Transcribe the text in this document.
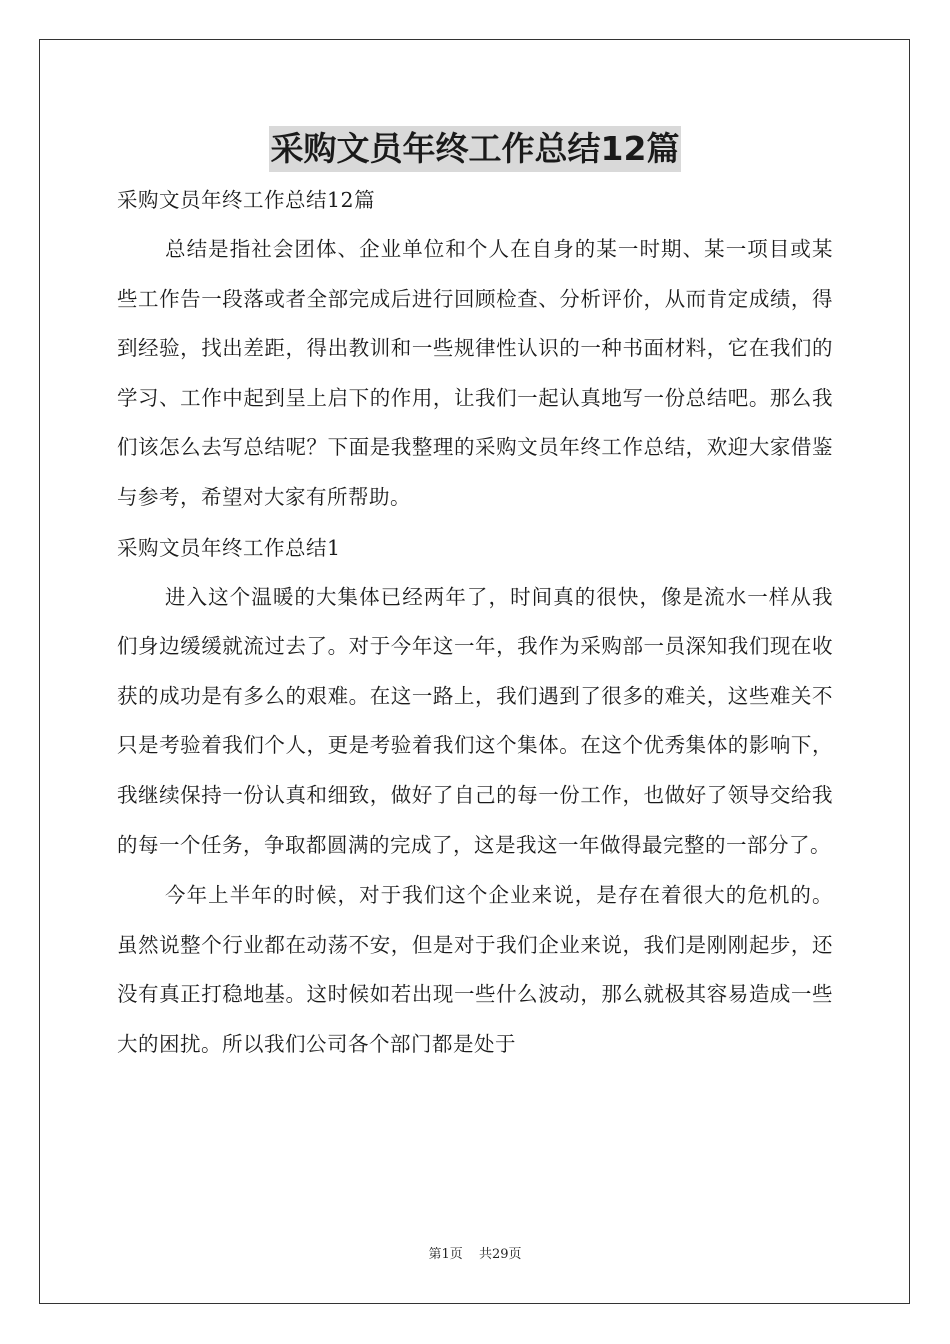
采购文员年终工作总结12篇

采购文员年终工作总结12篇

总结是指社会团体、企业单位和个人在自身的某一时期、某一项目或某些工作告一段落或者全部完成后进行回顾检查、分析评价，从而肯定成绩，得到经验，找出差距，得出教训和一些规律性认识的一种书面材料，它在我们的学习、工作中起到呈上启下的作用，让我们一起认真地写一份总结吧。那么我们该怎么去写总结呢？下面是我整理的采购文员年终工作总结，欢迎大家借鉴与参考，希望对大家有所帮助。

采购文员年终工作总结1

进入这个温暖的大集体已经两年了，时间真的很快，像是流水一样从我们身边缓缓就流过去了。对于今年这一年，我作为采购部一员深知我们现在收获的成功是有多么的艰难。在这一路上，我们遇到了很多的难关，这些难关不只是考验着我们个人，更是考验着我们这个集体。在这个优秀集体的影响下，我继续保持一份认真和细致，做好了自己的每一份工作，也做好了领导交给我的每一个任务，争取都圆满的完成了，这是我这一年做得最完整的一部分了。

今年上半年的时候，对于我们这个企业来说，是存在着很大的危机的。虽然说整个行业都在动荡不安，但是对于我们企业来说，我们是刚刚起步，还没有真正打稳地基。这时候如若出现一些什么波动，那么就极其容易造成一些大的困扰。所以我们公司各个部门都是处于

第1页 共29页
